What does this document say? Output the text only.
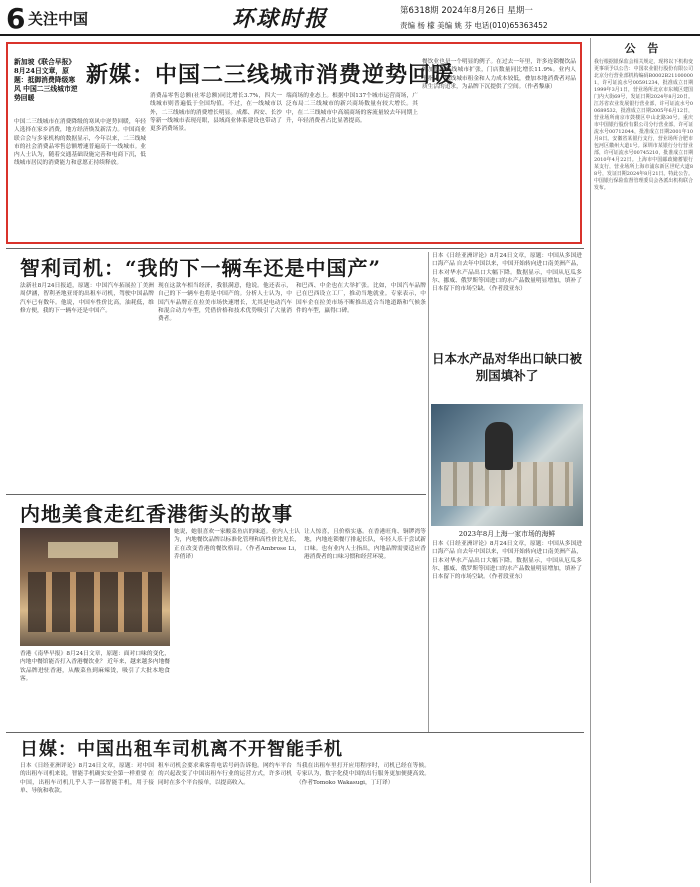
6 关注中国	环球时报	第6318期 2024年8月26日 星期一
责编 杨 檬 美编 姚 芬 电话(010)65363452
新加坡《联合早报》8月24日文章，原题：抵御消费降级寒风 中国二三线城市逆势回暖
新媒：中国二三线城市消费逆势回暖
中国二三线城市在消费降级的寒风中逆势回暖，年轻人选择在家乡消费，地方经济焕发新活力。中国商业联合会与多家机构的数据显示，今年以来，二三线城市的社会消费品零售总额增速普遍高于一线城市。业内人士认为，随着交通基础设施完善和电商下沉，低线城市居民的消费能力和意愿正持续释放。
消费品零售总额(社零总额)同比增长3.7%，四大一线城市则普遍低于全国均值。不过，在一线城市以外，二三线城市的消费增长明显。成都、西安、长沙等新一线城市表现亮眼，县域商业体系建设也带动了更多消费场景。
端商场的业态上。根据中国137个城市运营商场，广泛布局二三线城市的新兴商场数量有较大增长。其中，在二三线城市中高端商场的客流量较去年同期上升，年轻消费者占比显著提高。
餐饮业也是一个明显的例子。在过去一年里，许多连锁餐饮品牌加快向低线城市扩张，门店数量同比增长11.9%。业内人士指出，低线城市租金和人力成本较低，叠加本地消费者对品质生活的追求，为品牌下沉提供了空间。（作者黎康）
公 告
我行根据银保监会相关规定，现将以下机构变更事项予以公告：中国农业银行股份有限公司北京分行营业部机构编码B0002B211000001，许可证流水号00591234，批准成立日期1999年3月1日，营业场所北京市东城区建国门内大街69号，发证日期2024年8月20日。江苏省农业发展银行营业部，许可证流水号00689532，批准成立日期2005年6月12日，营业场所南京市鼓楼区中山北路30号。重庆市中国银行股份有限公司分行营业部，许可证流水号00712044，批准成立日期2001年10月8日。安徽省某银行支行，营业场所合肥市包河区徽州大道1号。深圳市某银行分行营业部，许可证流水号00745210，批准成立日期2010年4月22日。上海市中国邮政储蓄银行某支行，营业场所上海市浦东新区世纪大道88号，发证日期2024年8月21日。特此公告。中国银行保险监督管理委员会各派出机构联合发布。
智利司机：“我的下一辆车还是中国产”
法新社8月24日报道，原题：中国汽车拓展拉丁美洲 周伊涵，智利圣地亚哥的出租车司机，驾驶中国品牌汽车已有数年。他说，中国车性价比高，油耗低，维修方便，我的下一辆车还是中国产。
现在这款车相当经济，我很满意，他说。他还表示，自己的下一辆车也将是中国产的。分析人士认为，中国汽车品牌正在拉美市场快速增长，尤其是电动汽车和混合动力车型，凭借价格和技术优势吸引了大量消费者。
和巴西、中企也在大举扩张。比如，中国汽车品牌已在巴西设立工厂，推动当地就业。专家表示，中国车企在拉美市场不断推出适合当地道路和气候条件的车型，赢得口碑。
日本《日经亚洲评论》8月24日文章，原题：中国从多国进口海产品 自去年中国以来，中国开始转向进口南美洲产品，日本对华水产品出口大幅下降。数据显示，中国从厄瓜多尔、挪威、俄罗斯等国进口的水产品数量明显增加，填补了日本留下的市场空缺。（作者段亚东）
日本水产品对华出口缺口被别国填补了
2023年8月上海一家市场的海鲜
日本《日经亚洲评论》8月24日文章，原题：中国从多国进口海产品 自去年中国以来，中国开始转向进口南美洲产品，日本对华水产品出口大幅下降。数据显示，中国从厄瓜多尔、挪威、俄罗斯等国进口的水产品数量明显增加，填补了日本留下的市场空缺。（作者段亚东）
内地美食走红香港街头的故事
香港《南华早报》8月24日文章，原题：面对口味的变化，内地中餐馆能否打入香港餐饮业？ 近年来，越来越多内地餐饮品牌进驻香港，从酸菜鱼到麻辣烫，吸引了大批本地食客。
她说，她很喜欢一家酸菜鱼店的味道。业内人士认为，内地餐饮品牌以标准化管理和高性价比见长，正在改变香港的餐饮格局。（作者Ambrose Li，乔俏译）
让人惊喜，且价格实惠。在香港旺角、铜锣湾等地，内地连锁餐厅排起长队，年轻人乐于尝试新口味。也有业内人士指出，内地品牌需要适应香港消费者的口味习惯和经营环境。
日媒：中国出租车司机离不开智能手机
日本《日经亚洲评论》8月24日文章，原题：对中国的出租车司机来说，智能手机确实安全第一样重要 在中国，出租车司机几乎人手一部智能手机，用于接单、导航和收款。
租车司机会要求乘客将电话号码告诉他。网约车平台的兴起改变了中国出租车行业的运营方式，许多司机同时在多个平台接单，以提高收入。
当我在出租车里打开应用程序时，司机已经在等候。专家认为，数字化使中国的出行服务更加便捷高效。（作者Tomoko Wakasugi，丁玎译）
